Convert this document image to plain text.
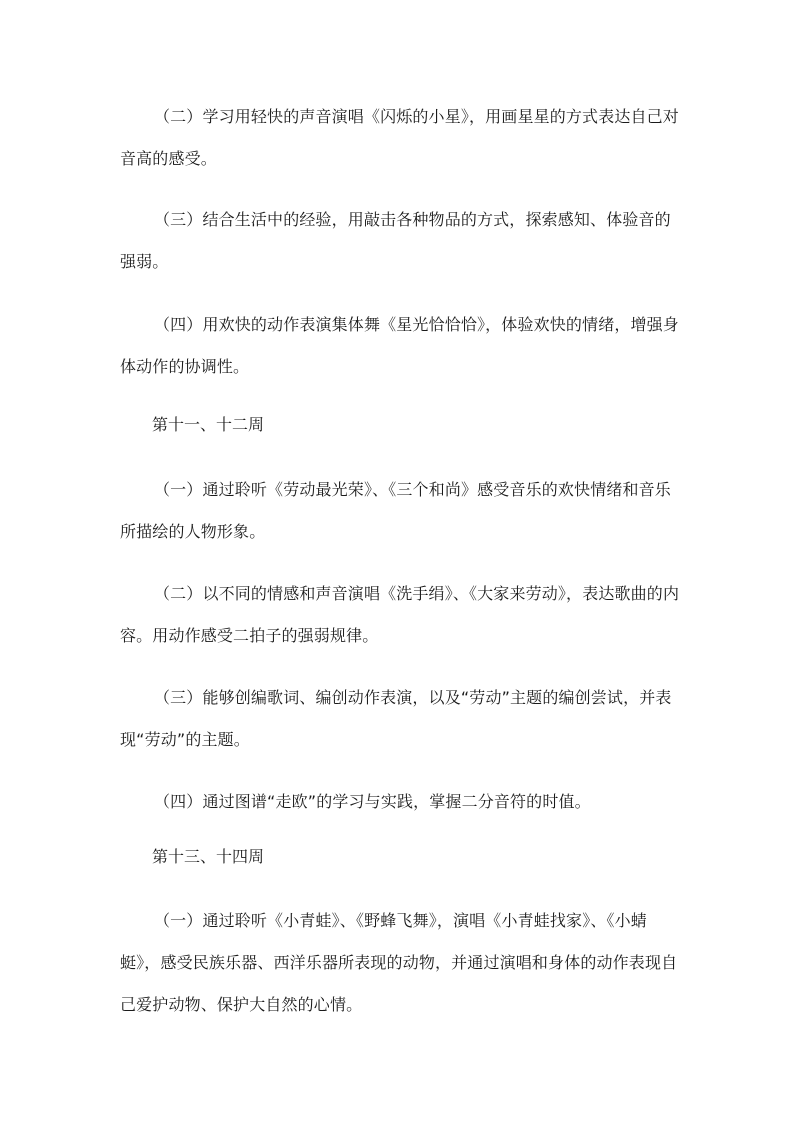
（二）学习用轻快的声音演唱《闪烁的小星》，用画星星的方式表达自己对音高的感受。

（三）结合生活中的经验，用敲击各种物品的方式，探索感知、体验音的强弱。

（四）用欢快的动作表演集体舞《星光恰恰恰》，体验欢快的情绪，增强身体动作的协调性。

第十一、十二周

（一）通过聆听《劳动最光荣》、《三个和尚》感受音乐的欢快情绪和音乐所描绘的人物形象。

（二）以不同的情感和声音演唱《洗手绢》、《大家来劳动》，表达歌曲的内容。用动作感受二拍子的强弱规律。

（三）能够创编歌词、编创动作表演，以及“劳动”主题的编创尝试，并表现“劳动”的主题。

（四）通过图谱“走欧”的学习与实践，掌握二分音符的时值。

第十三、十四周

（一）通过聆听《小青蛙》、《野蜂飞舞》，演唱《小青蛙找家》、《小蜻蜓》，感受民族乐器、西洋乐器所表现的动物，并通过演唱和身体的动作表现自己爱护动物、保护大自然的心情。
